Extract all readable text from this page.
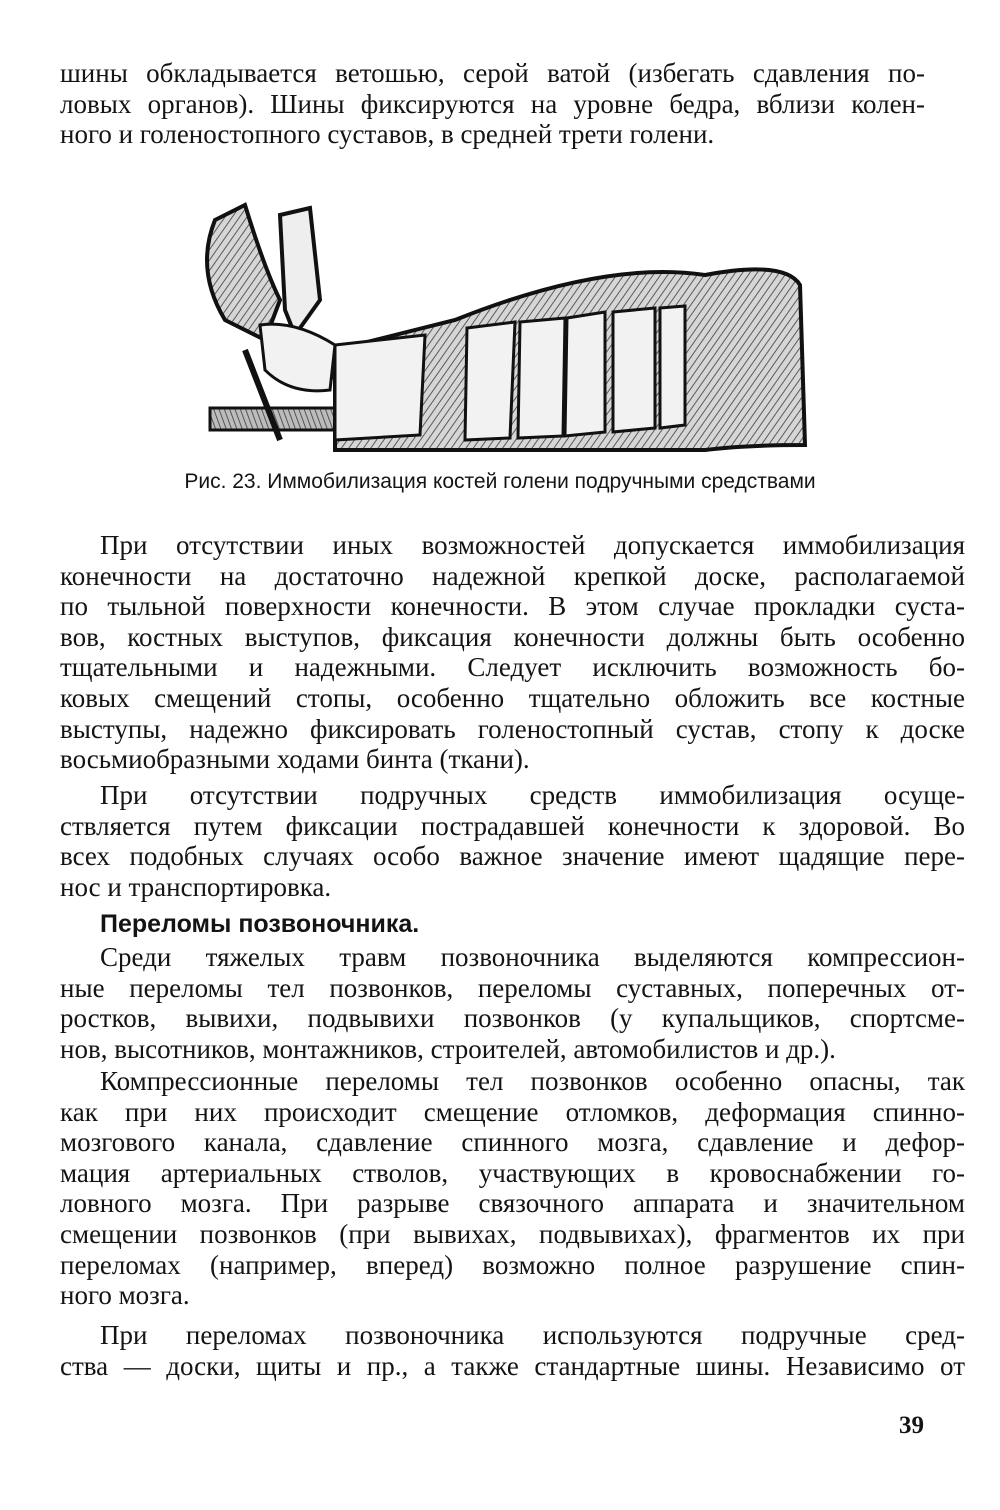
шины обкладывается ветошью, серой ватой (избегать сдавления по-
ловых органов). Шины фиксируются на уровне бедра, вблизи колен-
ного и голеностопного суставов, в средней трети голени.

Рис. 23. Иммобилизация костей голени подручными средствами

При отсутствии иных возможностей допускается иммобилизация
конечности на достаточно надежной крепкой доске, располагаемой
по тыльной поверхности конечности. В этом случае прокладки суста-
вов, костных выступов, фиксация конечности должны быть особенно
тщательными и надежными. Следует исключить возможность бо-
ковых смещений стопы, особенно тщательно обложить все костные
выступы, надежно фиксировать голеностопный сустав, стопу к доске
восьмиобразными ходами бинта (ткани).

При отсутствии подручных средств иммобилизация осуще-
ствляется путем фиксации пострадавшей конечности к здоровой. Во
всех подобных случаях особо важное значение имеют щадящие пере-
нос и транспортировка.

Переломы позвоночника.

Среди тяжелых травм позвоночника выделяются компрессион-
ные переломы тел позвонков, переломы суставных, поперечных от-
ростков, вывихи, подвывихи позвонков (у купальщиков, спортсме-
нов, высотников, монтажников, строителей, автомобилистов и др.).

Компрессионные переломы тел позвонков особенно опасны, так
как при них происходит смещение отломков, деформация спинно-
мозгового канала, сдавление спинного мозга, сдавление и дефор-
мация артериальных стволов, участвующих в кровоснабжении го-
ловного мозга. При разрыве связочного аппарата и значительном
смещении позвонков (при вывихах, подвывихах), фрагментов их при
переломах (например, вперед) возможно полное разрушение спин-
ного мозга.

При переломах позвоночника используются подручные сред-
ства — доски, щиты и пр., а также стандартные шины. Независимо от

39
